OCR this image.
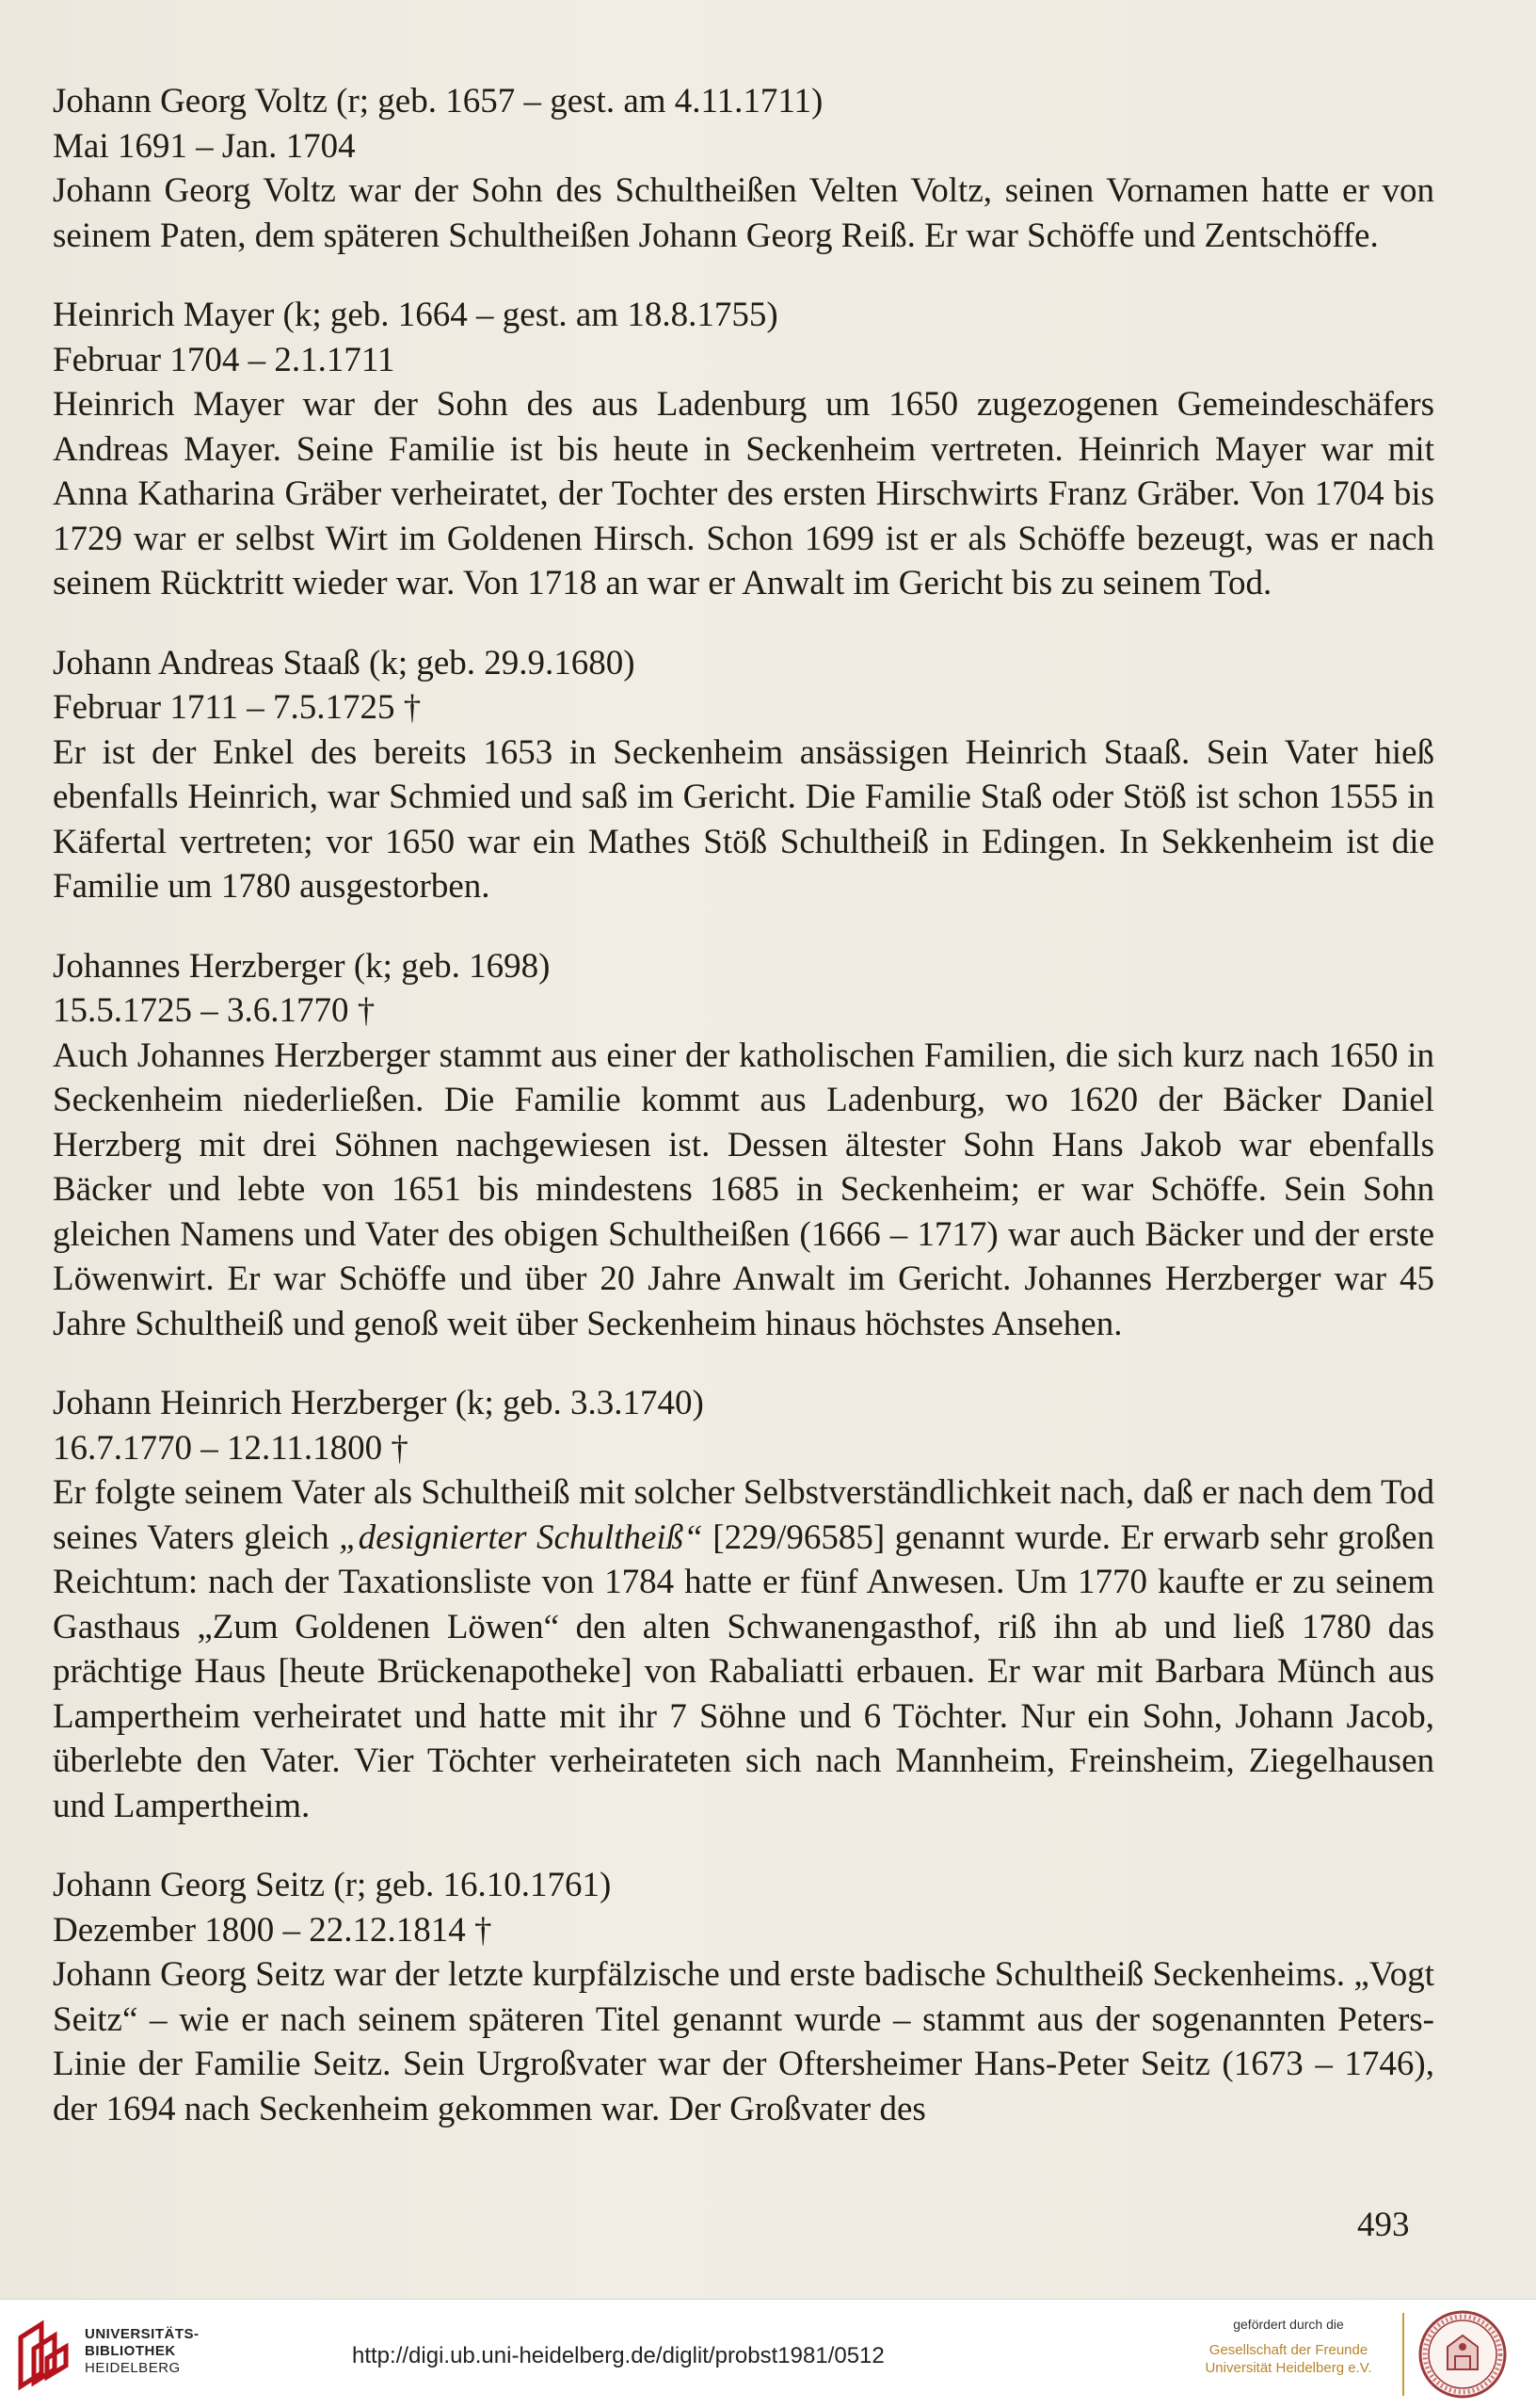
Johann Georg Voltz (r; geb. 1657 – gest. am 4.11.1711)
Mai 1691 – Jan. 1704

Johann Georg Voltz war der Sohn des Schultheißen Velten Voltz, seinen Vornamen hatte er von seinem Paten, dem späteren Schultheißen Johann Georg Reiß. Er war Schöffe und Zentschöffe.

Heinrich Mayer (k; geb. 1664 – gest. am 18.8.1755)
Februar 1704 – 2.1.1711

Heinrich Mayer war der Sohn des aus Ladenburg um 1650 zugezogenen Gemeindeschäfers Andreas Mayer. Seine Familie ist bis heute in Seckenheim vertreten. Heinrich Mayer war mit Anna Katharina Gräber verheiratet, der Tochter des ersten Hirschwirts Franz Gräber. Von 1704 bis 1729 war er selbst Wirt im Goldenen Hirsch. Schon 1699 ist er als Schöffe bezeugt, was er nach seinem Rücktritt wieder war. Von 1718 an war er Anwalt im Gericht bis zu seinem Tod.

Johann Andreas Staaß (k; geb. 29.9.1680)
Februar 1711 – 7.5.1725 †

Er ist der Enkel des bereits 1653 in Seckenheim ansässigen Heinrich Staaß. Sein Vater hieß ebenfalls Heinrich, war Schmied und saß im Gericht. Die Familie Staß oder Stöß ist schon 1555 in Käfertal vertreten; vor 1650 war ein Mathes Stöß Schultheiß in Edingen. In Sekkenheim ist die Familie um 1780 ausgestorben.

Johannes Herzberger (k; geb. 1698)
15.5.1725 – 3.6.1770 †

Auch Johannes Herzberger stammt aus einer der katholischen Familien, die sich kurz nach 1650 in Seckenheim niederließen. Die Familie kommt aus Ladenburg, wo 1620 der Bäcker Daniel Herzberg mit drei Söhnen nachgewiesen ist. Dessen ältester Sohn Hans Jakob war ebenfalls Bäcker und lebte von 1651 bis mindestens 1685 in Seckenheim; er war Schöffe. Sein Sohn gleichen Namens und Vater des obigen Schultheißen (1666 – 1717) war auch Bäcker und der erste Löwenwirt. Er war Schöffe und über 20 Jahre Anwalt im Gericht. Johannes Herzberger war 45 Jahre Schultheiß und genoß weit über Seckenheim hinaus höchstes Ansehen.

Johann Heinrich Herzberger (k; geb. 3.3.1740)
16.7.1770 – 12.11.1800 †

Er folgte seinem Vater als Schultheiß mit solcher Selbstverständlichkeit nach, daß er nach dem Tod seines Vaters gleich „designierter Schultheiß“ [229/96585] genannt wurde. Er erwarb sehr großen Reichtum: nach der Taxationsliste von 1784 hatte er fünf Anwesen. Um 1770 kaufte er zu seinem Gasthaus „Zum Goldenen Löwen“ den alten Schwanengasthof, riß ihn ab und ließ 1780 das prächtige Haus [heute Brückenapotheke] von Rabaliatti erbauen. Er war mit Barbara Münch aus Lampertheim verheiratet und hatte mit ihr 7 Söhne und 6 Töchter. Nur ein Sohn, Johann Jacob, überlebte den Vater. Vier Töchter verheirateten sich nach Mannheim, Freinsheim, Ziegelhausen und Lampertheim.

Johann Georg Seitz (r; geb. 16.10.1761)
Dezember 1800 – 22.12.1814 †

Johann Georg Seitz war der letzte kurpfälzische und erste badische Schultheiß Seckenheims. „Vogt Seitz“ – wie er nach seinem späteren Titel genannt wurde – stammt aus der sogenannten Peters-Linie der Familie Seitz. Sein Urgroßvater war der Oftersheimer Hans-Peter Seitz (1673 – 1746), der 1694 nach Seckenheim gekommen war. Der Großvater des

493
UNIVERSITÄTS-
BIBLIOTHEK
HEIDELBERG	http://digi.ub.uni-heidelberg.de/diglit/probst1981/0512
gefördert durch die
Gesellschaft der Freunde
Universität Heidelberg e.V.
